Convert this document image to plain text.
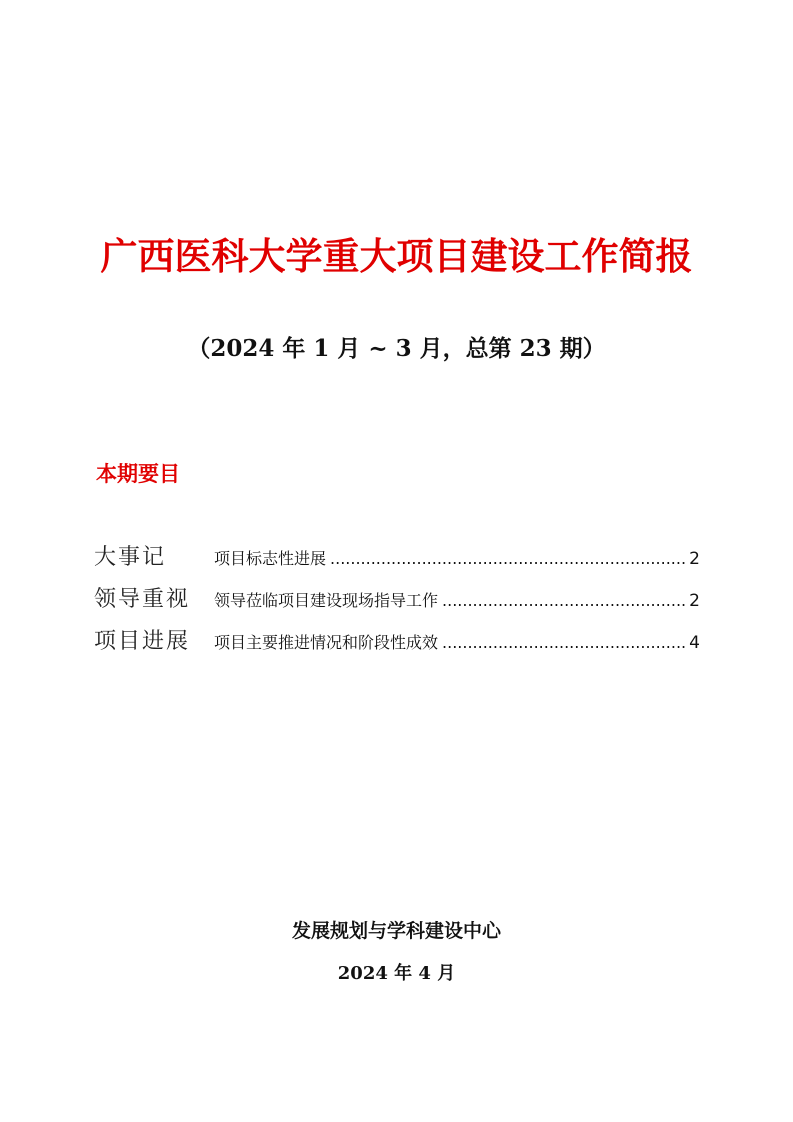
广西医科大学重大项目建设工作简报
（2024 年 1 月 ~ 3 月，总第 23 期）
本期要目
大事记	项目标志性进展 .....	2
领导重视	领导莅临项目建设现场指导工作 .....	2
项目进展	项目主要推进情况和阶段性成效 .....	4
发展规划与学科建设中心
2024 年 4 月
